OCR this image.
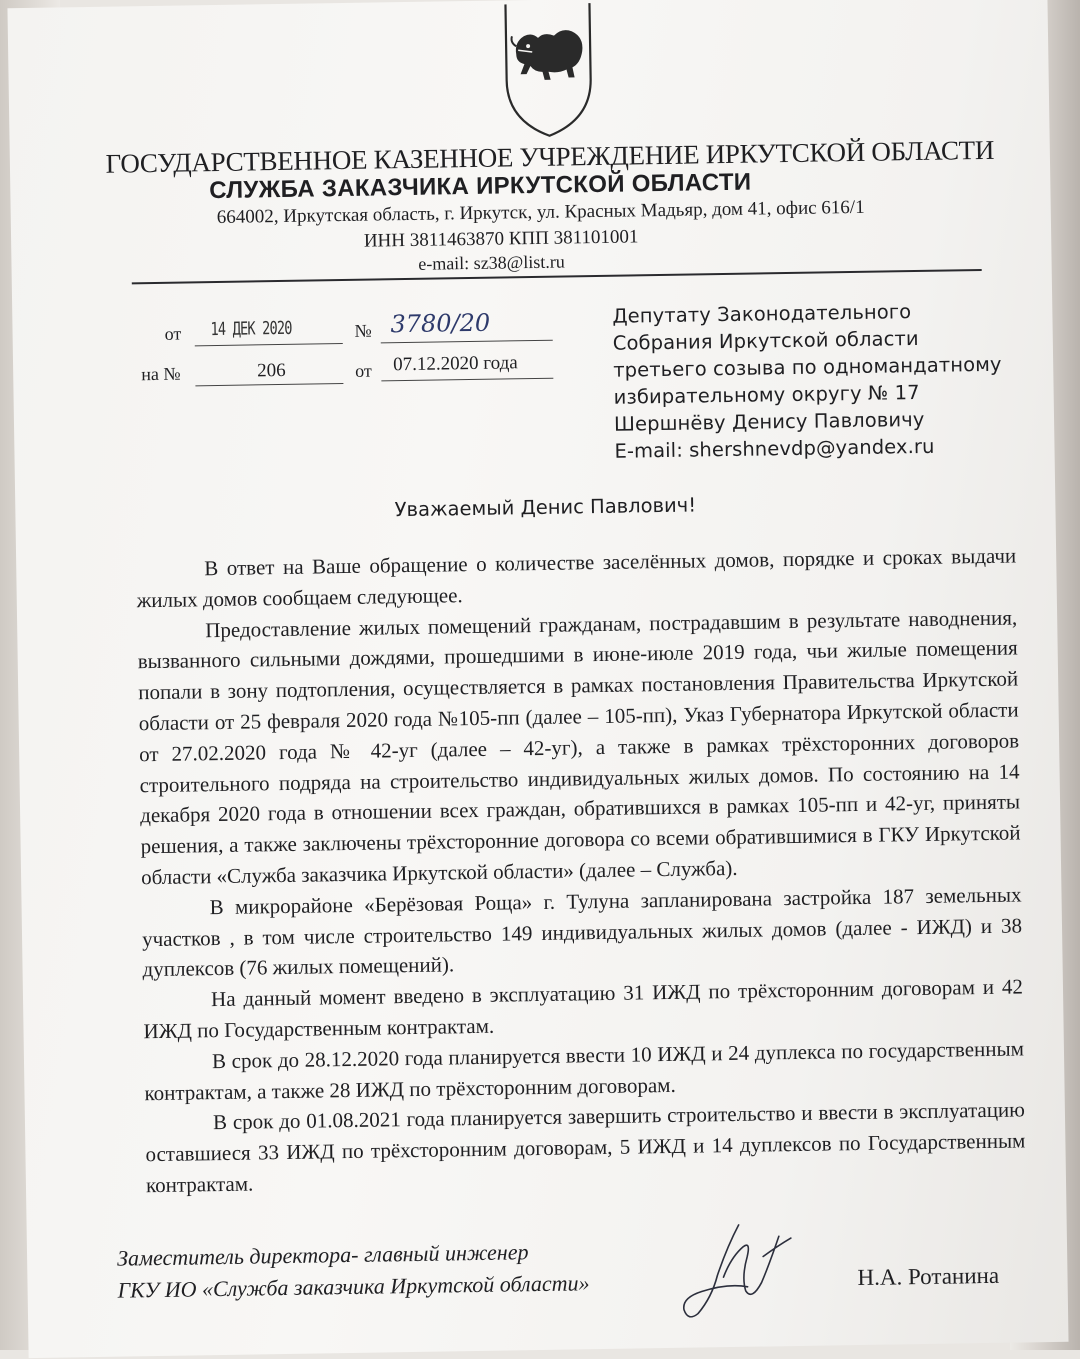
ГОСУДАРСТВЕННОЕ КАЗЕННОЕ УЧРЕЖДЕНИЕ ИРКУТСКОЙ ОБЛАСТИ
СЛУЖБА ЗАКАЗЧИКА ИРКУТСКОЙ ОБЛАСТИ
664002, Иркутская область, г. Иркутск, ул. Красных Мадьяр, дом 41, офис 616/1
ИНН 3811463870 КПП 381101001
e-mail: sz38@list.ru
от 14 ДЕК 2020	№ 3780/20
на №	206	от 07.12.2020 года
Депутату Законодательного
Собрания Иркутской области
третьего созыва по одномандатному
избирательному округу № 17
Шершнёву Денису Павловичу
E-mail: shershnevdp@yandex.ru
Уважаемый Денис Павлович!

В ответ на Ваше обращение о количестве заселённых домов, порядке и сроках выдачи жилых домов сообщаем следующее.

Предоставление жилых помещений гражданам, пострадавшим в результате наводнения, вызванного сильными дождями, прошедшими в июне-июле 2019 года, чьи жилые помещения попали в зону подтопления, осуществляется в рамках постановления Правительства Иркутской области от 25 февраля 2020 года №105-пп (далее – 105-пп), Указ Губернатора Иркутской области от 27.02.2020 года № 42-уг (далее – 42-уг), а также в рамках трёхсторонних договоров строительного подряда на строительство индивидуальных жилых домов. По состоянию на 14 декабря 2020 года в отношении всех граждан, обратившихся в рамках 105-пп и 42-уг, приняты решения, а также заключены трёхсторонние договора со всеми обратившимися в ГКУ Иркутской области «Служба заказчика Иркутской области» (далее – Служба).

В микрорайоне «Берёзовая Роща» г. Тулуна запланирована застройка 187 земельных участков , в том числе строительство 149 индивидуальных жилых домов (далее - ИЖД) и 38 дуплексов (76 жилых помещений).

На данный момент введено в эксплуатацию 31 ИЖД по трёхсторонним договорам и 42 ИЖД по Государственным контрактам.

В срок до 28.12.2020 года планируется ввести 10 ИЖД и 24 дуплекса по государственным контрактам, а также 28 ИЖД по трёхсторонним договорам.

В срок до 01.08.2021 года планируется завершить строительство и ввести в эксплуатацию оставшиеся 33 ИЖД по трёхсторонним договорам, 5 ИЖД и 14 дуплексов по Государственным контрактам.

Заместитель директора- главный инженер
ГКУ ИО «Служба заказчика Иркутской области»	Н.А. Ротанина
